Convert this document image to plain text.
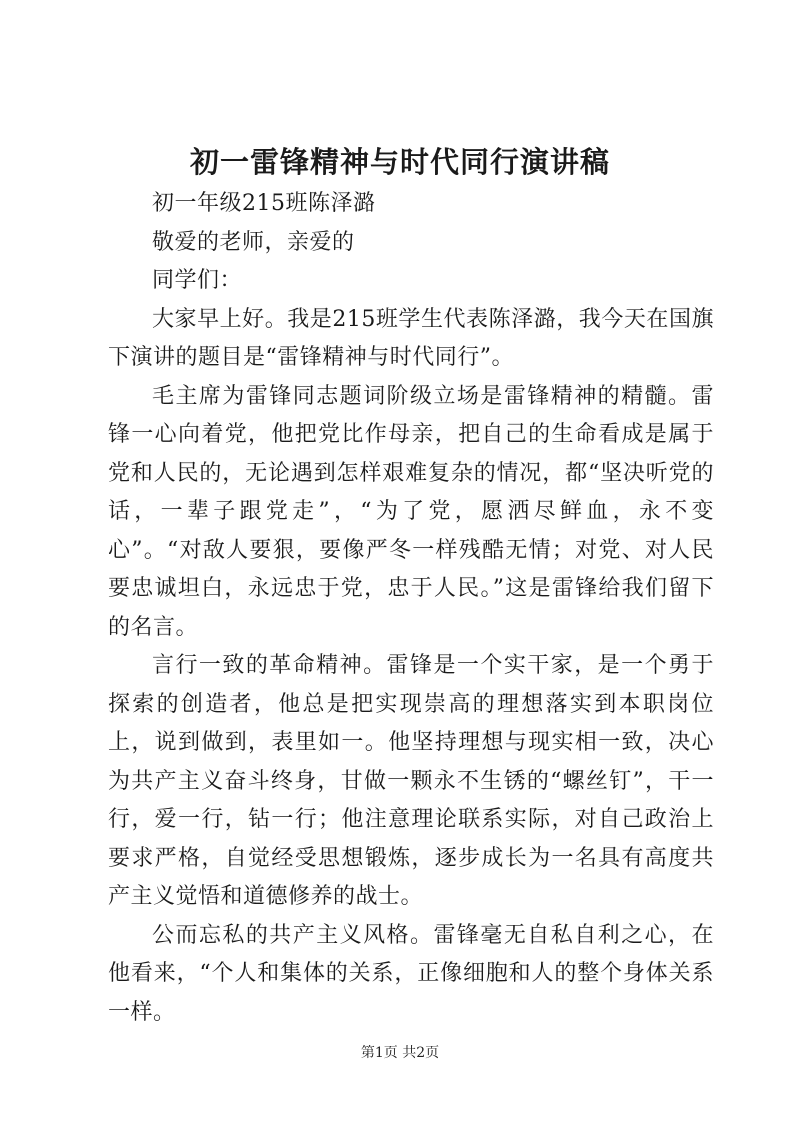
初一雷锋精神与时代同行演讲稿

初一年级215班陈泽潞

敬爱的老师，亲爱的

同学们：

大家早上好。我是215班学生代表陈泽潞，我今天在国旗下演讲的题目是“雷锋精神与时代同行”。

毛主席为雷锋同志题词阶级立场是雷锋精神的精髓。雷锋一心向着党，他把党比作母亲，把自己的生命看成是属于党和人民的，无论遇到怎样艰难复杂的情况，都“坚决听党的话，一辈子跟党走”，“为了党，愿洒尽鲜血，永不变心”。“对敌人要狠，要像严冬一样残酷无情；对党、对人民要忠诚坦白，永远忠于党，忠于人民。”这是雷锋给我们留下的名言。

言行一致的革命精神。雷锋是一个实干家，是一个勇于探索的创造者，他总是把实现崇高的理想落实到本职岗位上，说到做到，表里如一。他坚持理想与现实相一致，决心为共产主义奋斗终身，甘做一颗永不生锈的“螺丝钉”，干一行，爱一行，钻一行；他注意理论联系实际，对自己政治上要求严格，自觉经受思想锻炼，逐步成长为一名具有高度共产主义觉悟和道德修养的战士。

公而忘私的共产主义风格。雷锋毫无自私自利之心，在他看来，“个人和集体的关系，正像细胞和人的整个身体关系一样。

第1页 共2页
